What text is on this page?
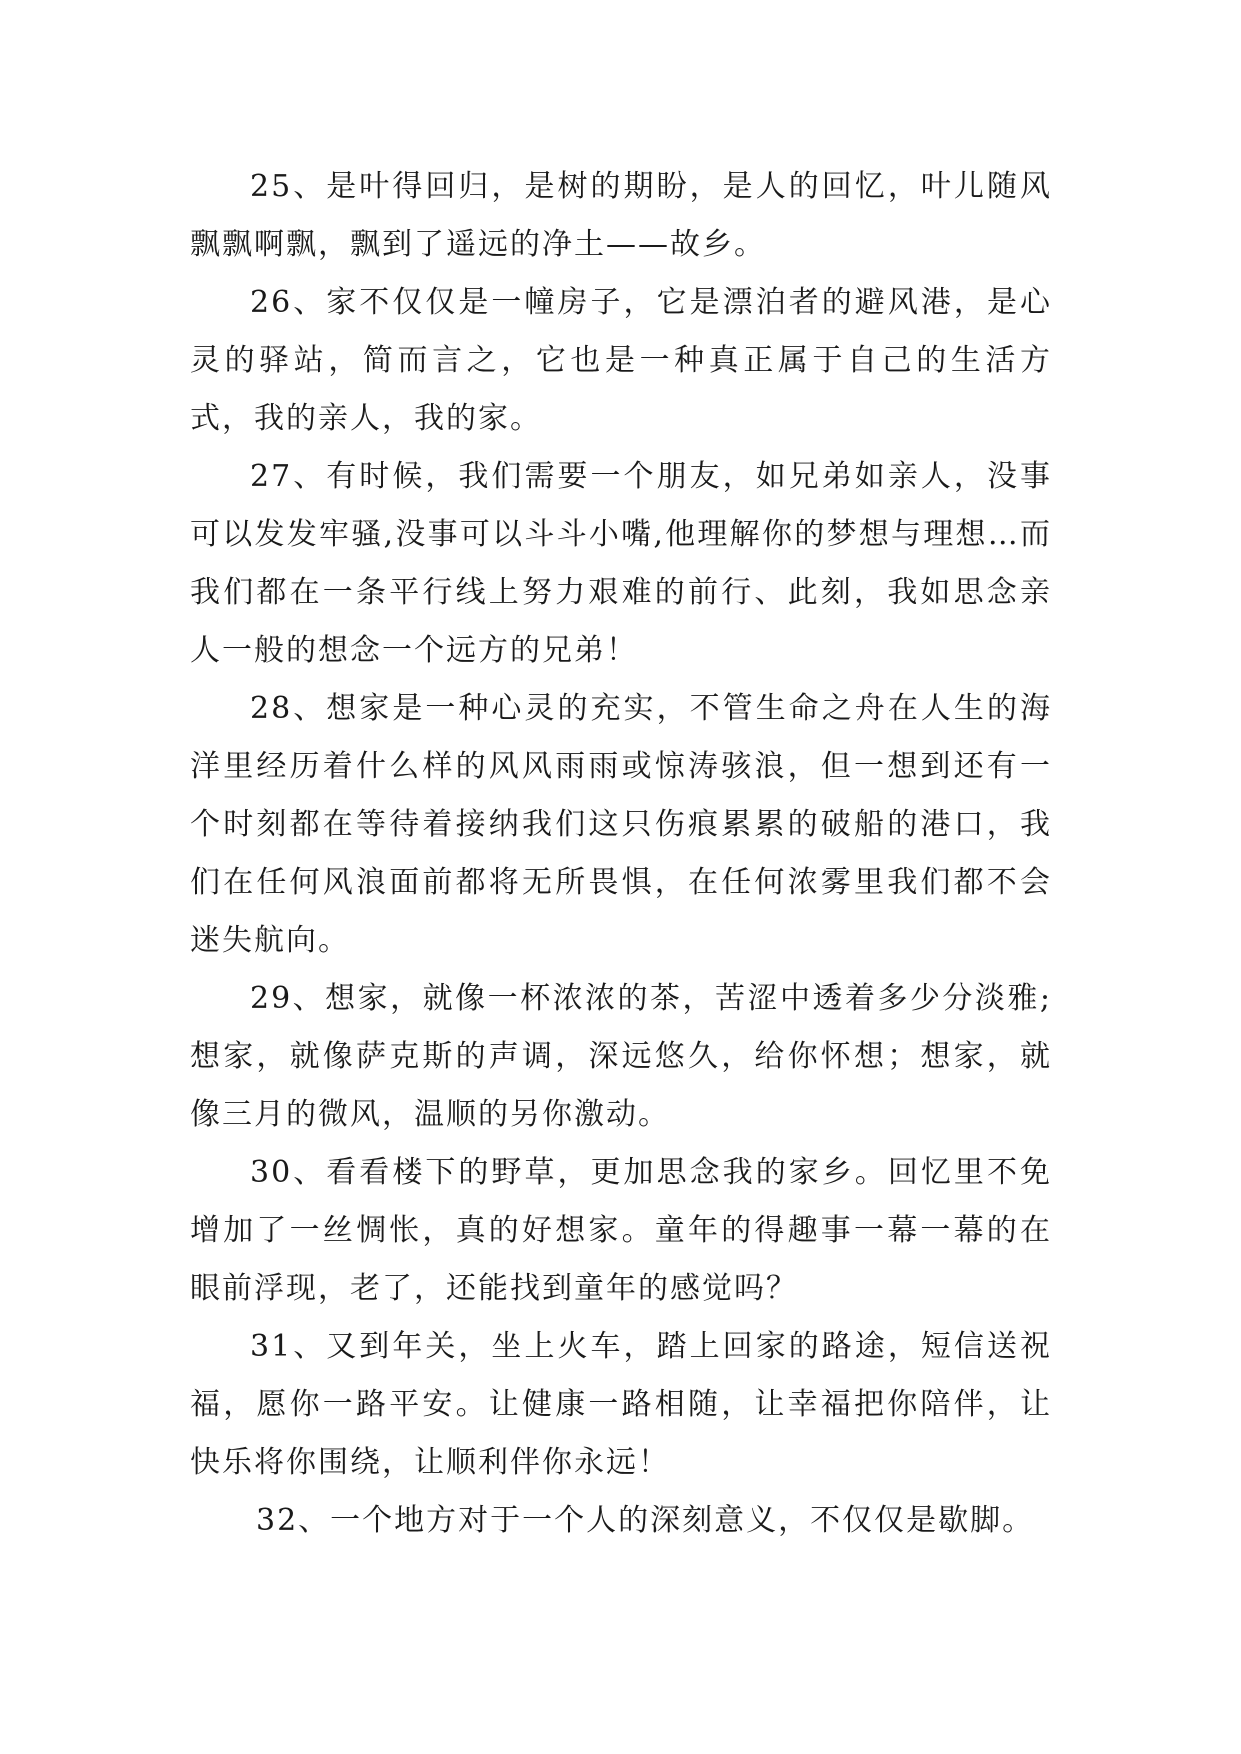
25、是叶得回归，是树的期盼，是人的回忆，叶儿随风飘飘啊飘，飘到了遥远的净土——故乡。

26、家不仅仅是一幢房子，它是漂泊者的避风港，是心灵的驿站，简而言之，它也是一种真正属于自己的生活方式，我的亲人，我的家。

27、有时候，我们需要一个朋友，如兄弟如亲人，没事可以发发牢骚,没事可以斗斗小嘴,他理解你的梦想与理想…而我们都在一条平行线上努力艰难的前行、此刻，我如思念亲人一般的想念一个远方的兄弟！

28、想家是一种心灵的充实，不管生命之舟在人生的海洋里经历着什么样的风风雨雨或惊涛骇浪，但一想到还有一个时刻都在等待着接纳我们这只伤痕累累的破船的港口，我们在任何风浪面前都将无所畏惧，在任何浓雾里我们都不会迷失航向。

29、想家，就像一杯浓浓的茶，苦涩中透着多少分淡雅;想家，就像萨克斯的声调，深远悠久，给你怀想；想家，就像三月的微风，温顺的另你激动。

30、看看楼下的野草，更加思念我的家乡。回忆里不免增加了一丝惆怅，真的好想家。童年的得趣事一幕一幕的在眼前浮现，老了，还能找到童年的感觉吗？

31、又到年关，坐上火车，踏上回家的路途，短信送祝福，愿你一路平安。让健康一路相随，让幸福把你陪伴，让快乐将你围绕，让顺利伴你永远！

32、一个地方对于一个人的深刻意义，不仅仅是歇脚。
